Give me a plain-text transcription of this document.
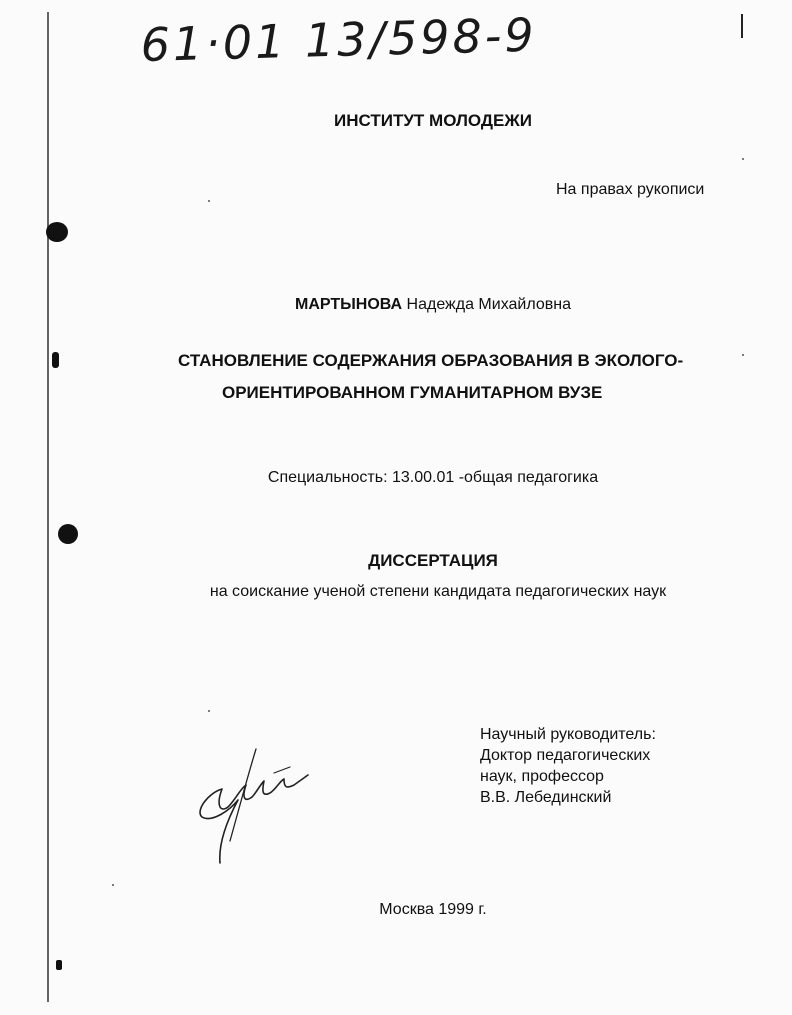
61·01 13/598-9
ИНСТИТУТ МОЛОДЕЖИ
На правах рукописи
МАРТЫНОВА Надежда Михайловна
СТАНОВЛЕНИЕ СОДЕРЖАНИЯ ОБРАЗОВАНИЯ В ЭКОЛОГО-
ОРИЕНТИРОВАННОМ ГУМАНИТАРНОМ ВУЗЕ
Специальность: 13.00.01 -общая педагогика
ДИССЕРТАЦИЯ
на соискание ученой степени кандидата педагогических наук
Научный руководитель:
Доктор педагогических
наук, профессор
В.В. Лебединский
Москва 1999 г.
